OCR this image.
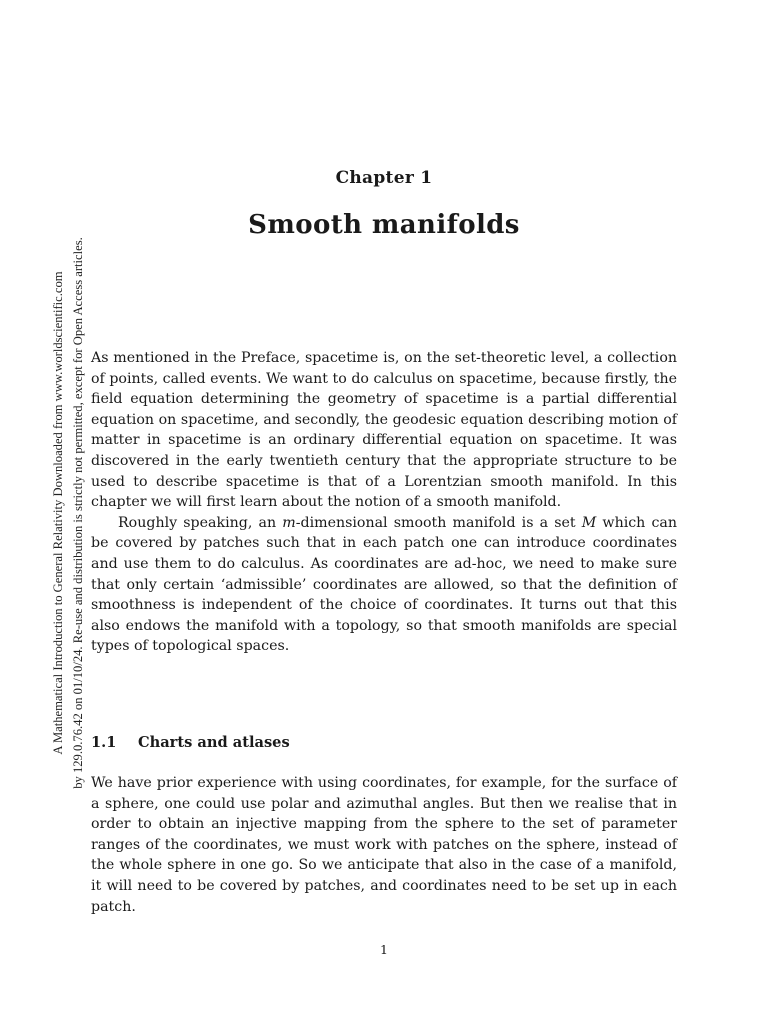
A Mathematical Introduction to General Relativity Downloaded from www.worldscientific.com by 129.0.76.42 on 01/10/24. Re-use and distribution is strictly not permitted, except for Open Access articles.
Chapter 1
Smooth manifolds

As mentioned in the Preface, spacetime is, on the set-theoretic level, a collection of points, called events. We want to do calculus on spacetime, because firstly, the field equation determining the geometry of spacetime is a partial differential equation on spacetime, and secondly, the geodesic equation describing motion of matter in spacetime is an ordinary differential equation on spacetime. It was discovered in the early twentieth century that the appropriate structure to be used to describe spacetime is that of a Lorentzian smooth manifold. In this chapter we will first learn about the notion of a smooth manifold.

Roughly speaking, an m-dimensional smooth manifold is a set M which can be covered by patches such that in each patch one can introduce coordinates and use them to do calculus. As coordinates are ad-hoc, we need to make sure that only certain ‘admissible’ coordinates are allowed, so that the definition of smoothness is independent of the choice of coordinates. It turns out that this also endows the manifold with a topology, so that smooth manifolds are special types of topological spaces.

1.1 Charts and atlases

We have prior experience with using coordinates, for example, for the surface of a sphere, one could use polar and azimuthal angles. But then we realise that in order to obtain an injective mapping from the sphere to the set of parameter ranges of the coordinates, we must work with patches on the sphere, instead of the whole sphere in one go. So we anticipate that also in the case of a manifold, it will need to be covered by patches, and coordinates need to be set up in each patch.

1
